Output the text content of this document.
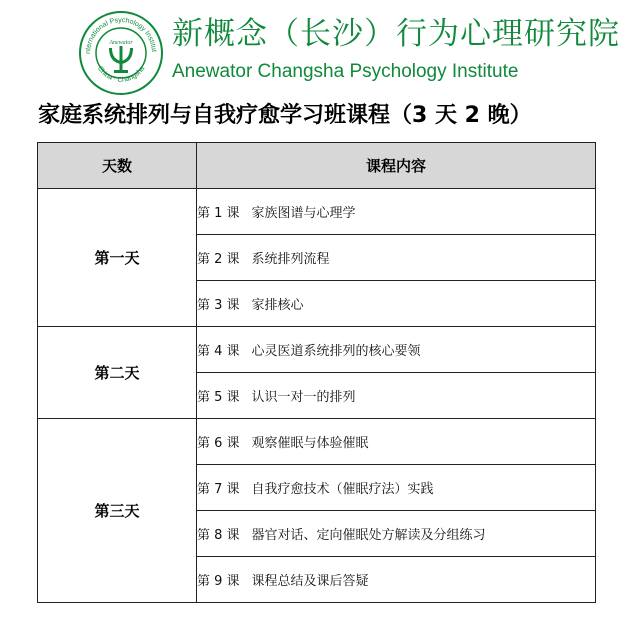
nternational Psychology Institut
China · Changsha
Anewator 新概念（长沙）行为心理研究院
Anewator Changsha Psychology Institute
家庭系统排列与自我疗愈学习班课程（3 天 2 晚）
天数	课程内容
第一天	第 1 课 家族图谱与心理学
	第 2 课 系统排列流程
	第 3 课 家排核心
第二天	第 4 课 心灵医道系统排列的核心要领
	第 5 课 认识一对一的排列
第三天	第 6 课 观察催眠与体验催眠
	第 7 课 自我疗愈技术（催眠疗法）实践
	第 8 课 器官对话、定向催眠处方解读及分组练习
	第 9 课 课程总结及课后答疑
